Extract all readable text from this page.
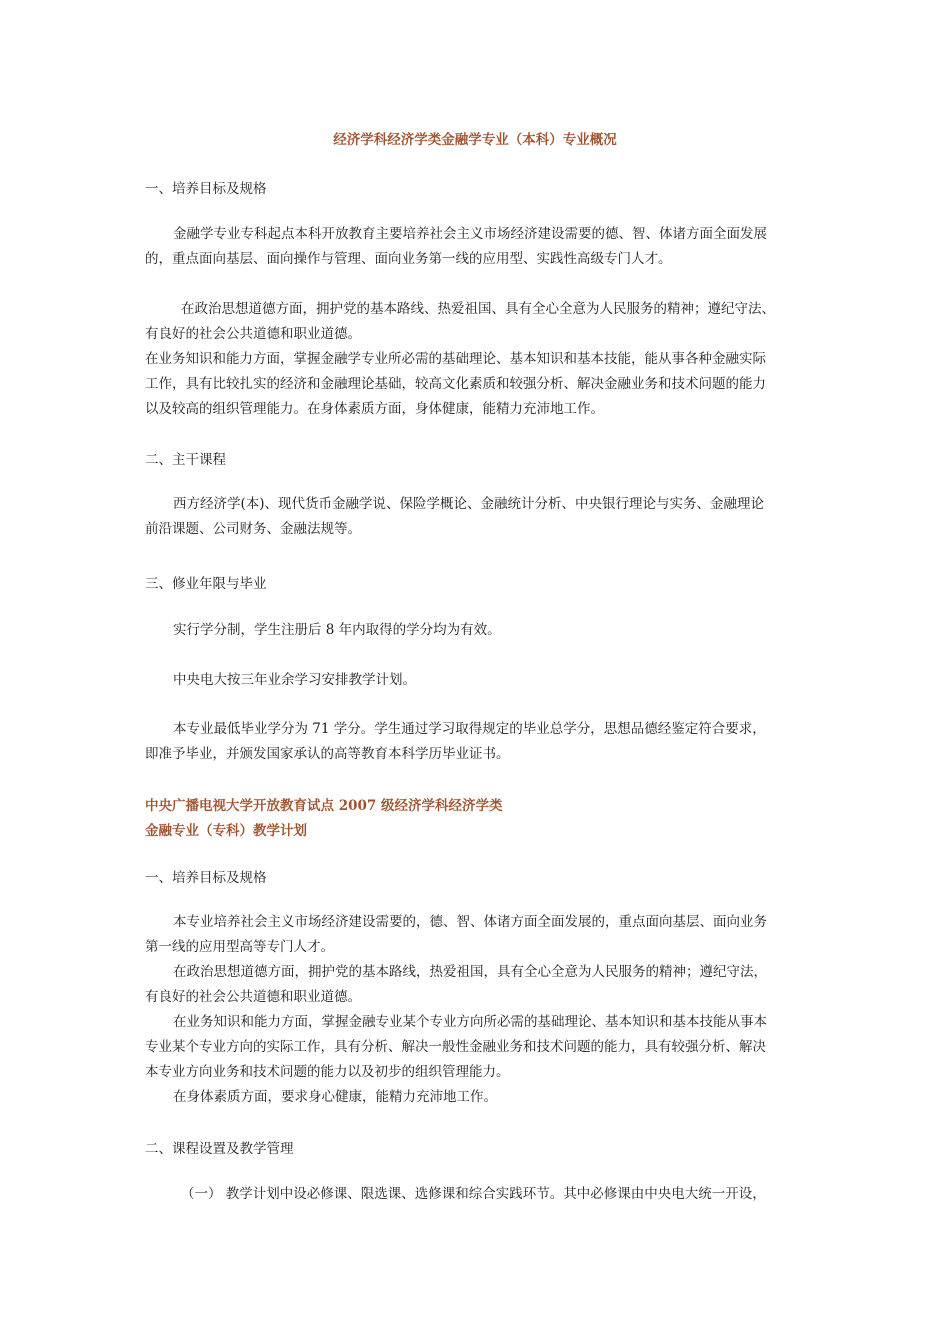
经济学科经济学类金融学专业（本科）专业概况
一、培养目标及规格
金融学专业专科起点本科开放教育主要培养社会主义市场经济建设需要的德、智、体诸方面全面发展
的，重点面向基层、面向操作与管理、面向业务第一线的应用型、实践性高级专门人才。
在政治思想道德方面，拥护党的基本路线、热爱祖国、具有全心全意为人民服务的精神；遵纪守法、
有良好的社会公共道德和职业道德。
在业务知识和能力方面，掌握金融学专业所必需的基础理论、基本知识和基本技能，能从事各种金融实际
工作，具有比较扎实的经济和金融理论基础，较高文化素质和较强分析、解决金融业务和技术问题的能力
以及较高的组织管理能力。在身体素质方面，身体健康，能精力充沛地工作。
二、主干课程
西方经济学(本)、现代货币金融学说、保险学概论、金融统计分析、中央银行理论与实务、金融理论
前沿课题、公司财务、金融法规等。
三、修业年限与毕业
实行学分制，学生注册后 8 年内取得的学分均为有效。
中央电大按三年业余学习安排教学计划。
本专业最低毕业学分为 71 学分。学生通过学习取得规定的毕业总学分，思想品德经鉴定符合要求，
即准予毕业，并颁发国家承认的高等教育本科学历毕业证书。
中央广播电视大学开放教育试点 2007 级经济学科经济学类
金融专业（专科）教学计划
一、培养目标及规格
本专业培养社会主义市场经济建设需要的，德、智、体诸方面全面发展的，重点面向基层、面向业务
第一线的应用型高等专门人才。
在政治思想道德方面，拥护党的基本路线，热爱祖国，具有全心全意为人民服务的精神；遵纪守法，
有良好的社会公共道德和职业道德。
在业务知识和能力方面，掌握金融专业某个专业方向所必需的基础理论、基本知识和基本技能从事本
专业某个专业方向的实际工作，具有分析、解决一般性金融业务和技术问题的能力，具有较强分析、解决
本专业方向业务和技术问题的能力以及初步的组织管理能力。
在身体素质方面，要求身心健康，能精力充沛地工作。
二、课程设置及教学管理
（一） 教学计划中设必修课、限选课、选修课和综合实践环节。其中必修课由中央电大统一开设，
